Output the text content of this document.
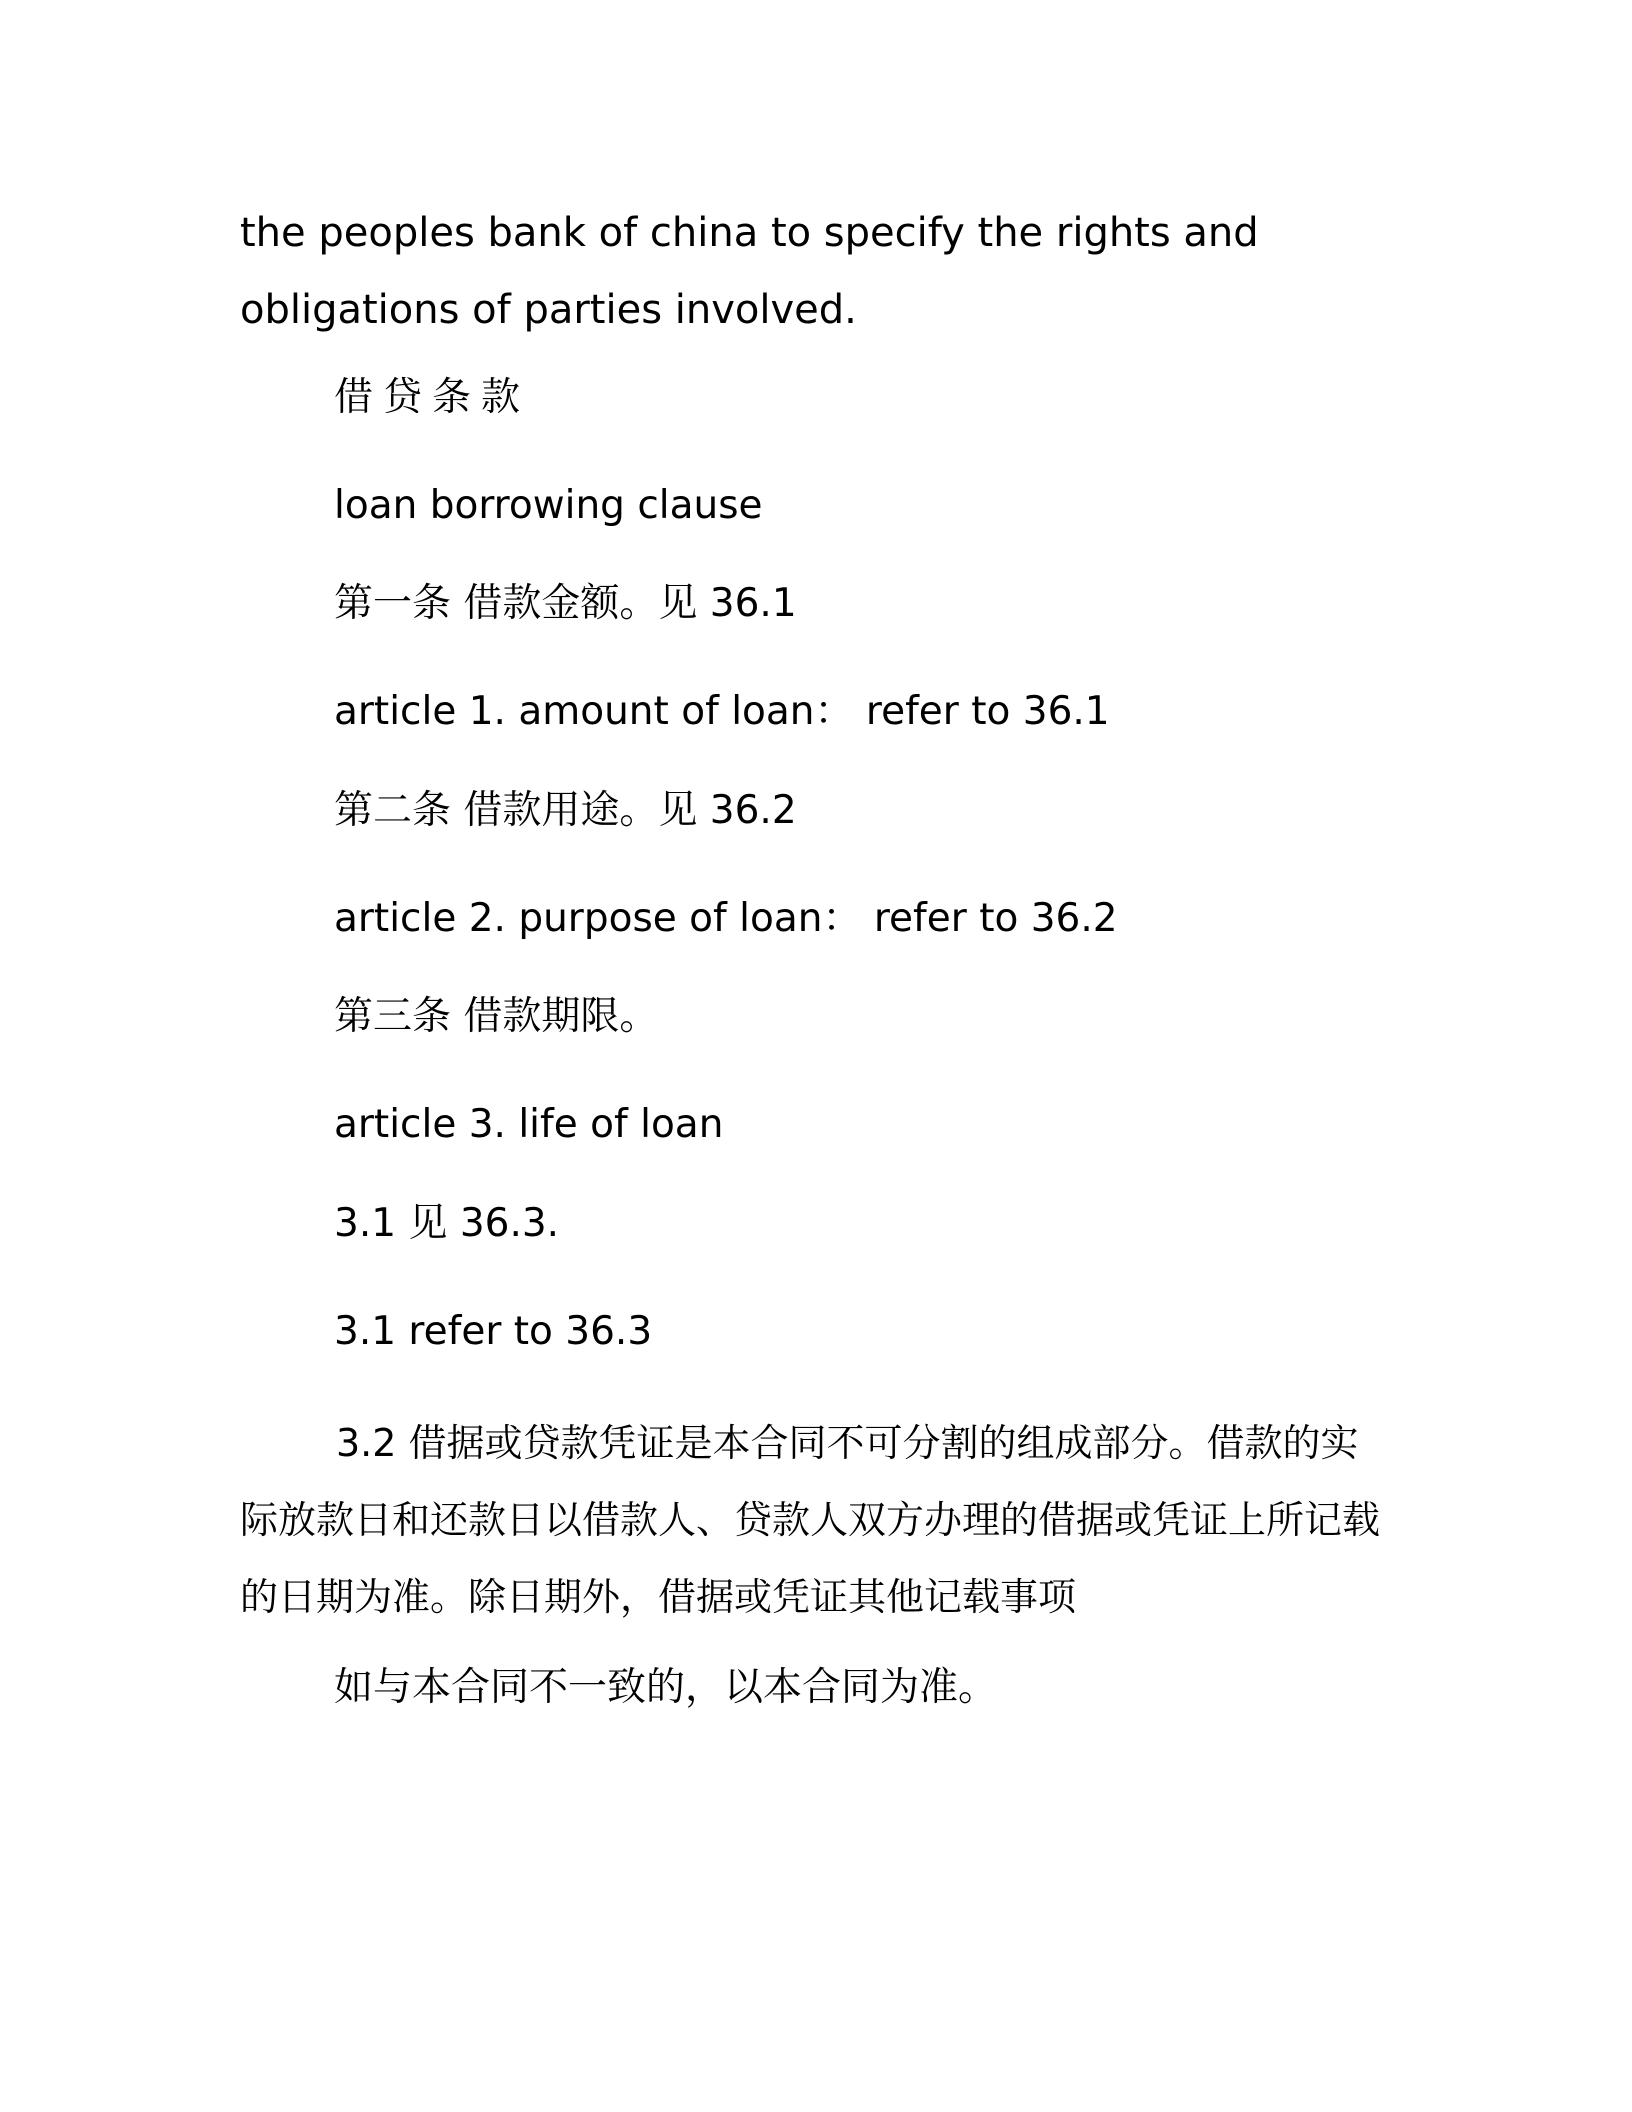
the peoples bank of china to specify the rights and obligations of parties involved.

借贷条款
loan borrowing clause
第一条 借款金额。见 36.1
article 1. amount of loan： refer to 36.1
第二条 借款用途。见 36.2
article 2. purpose of loan： refer to 36.2
第三条 借款期限。
article 3. life of loan
3.1 见 36.3.
3.1 refer to 36.3

3.2 借据或贷款凭证是本合同不可分割的组成部分。借款的实际放款日和还款日以借款人、贷款人双方办理的借据或凭证上所记载的日期为准。除日期外，借据或凭证其他记载事项

如与本合同不一致的，以本合同为准。
